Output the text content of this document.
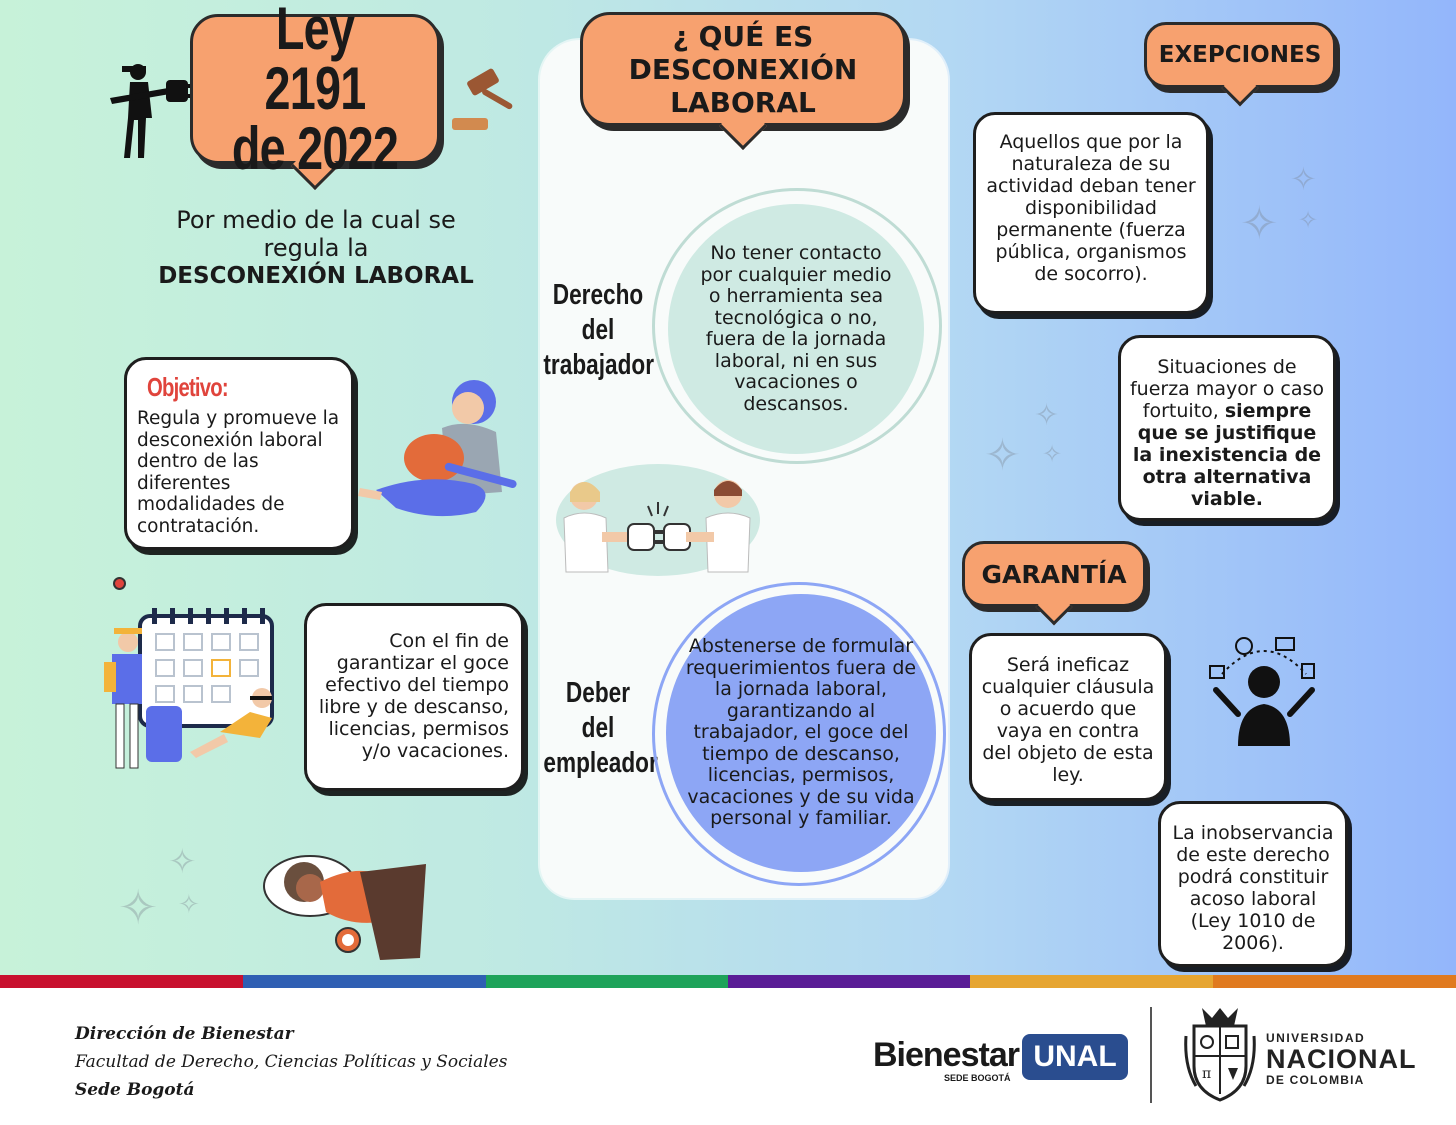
Ley 2191
de 2022
Por medio de la cual se
regula la
DESCONEXIÓN LABORAL
Objetivo:
Regula y promueve la desconexión laboral dentro de las diferentes modalidades de contratación.
Con el fin de garantizar el goce efectivo del tiempo libre y de descanso, licencias, permisos y/o vacaciones.
✧
✧
✧
¿ QUÉ ES
DESCONEXIÓN
LABORAL
Derecho
del
trabajador
No tener contacto por cualquier medio o herramienta sea tecnológica o no, fuera de la jornada laboral, ni en sus vacaciones o descansos.
Deber
del
empleador
Abstenerse de formular requerimientos fuera de la jornada laboral, garantizando al trabajador, el goce del tiempo de descanso, licencias, permisos, vacaciones y de su vida personal y familiar.
EXEPCIONES
Aquellos que por la naturaleza de su actividad deban tener disponibilidad permanente (fuerza pública, organismos de socorro).
✧
✧
✧
✧
✧
✧
Situaciones de fuerza mayor o caso fortuito, siempre que se justifique la inexistencia de otra alternativa viable.
GARANTÍA
Será ineficaz cualquier cláusula o acuerdo que vaya en contra del objeto de esta ley.
La inobservancia de este derecho podrá constituir acoso laboral (Ley 1010 de 2006).
Dirección de Bienestar
Facultad de Derecho, Ciencias Políticas y Sociales
Sede Bogotá
Bienestar UNAL
SEDE BOGOTÁ	π
UNIVERSIDAD
NACIONAL
DE COLOMBIA
